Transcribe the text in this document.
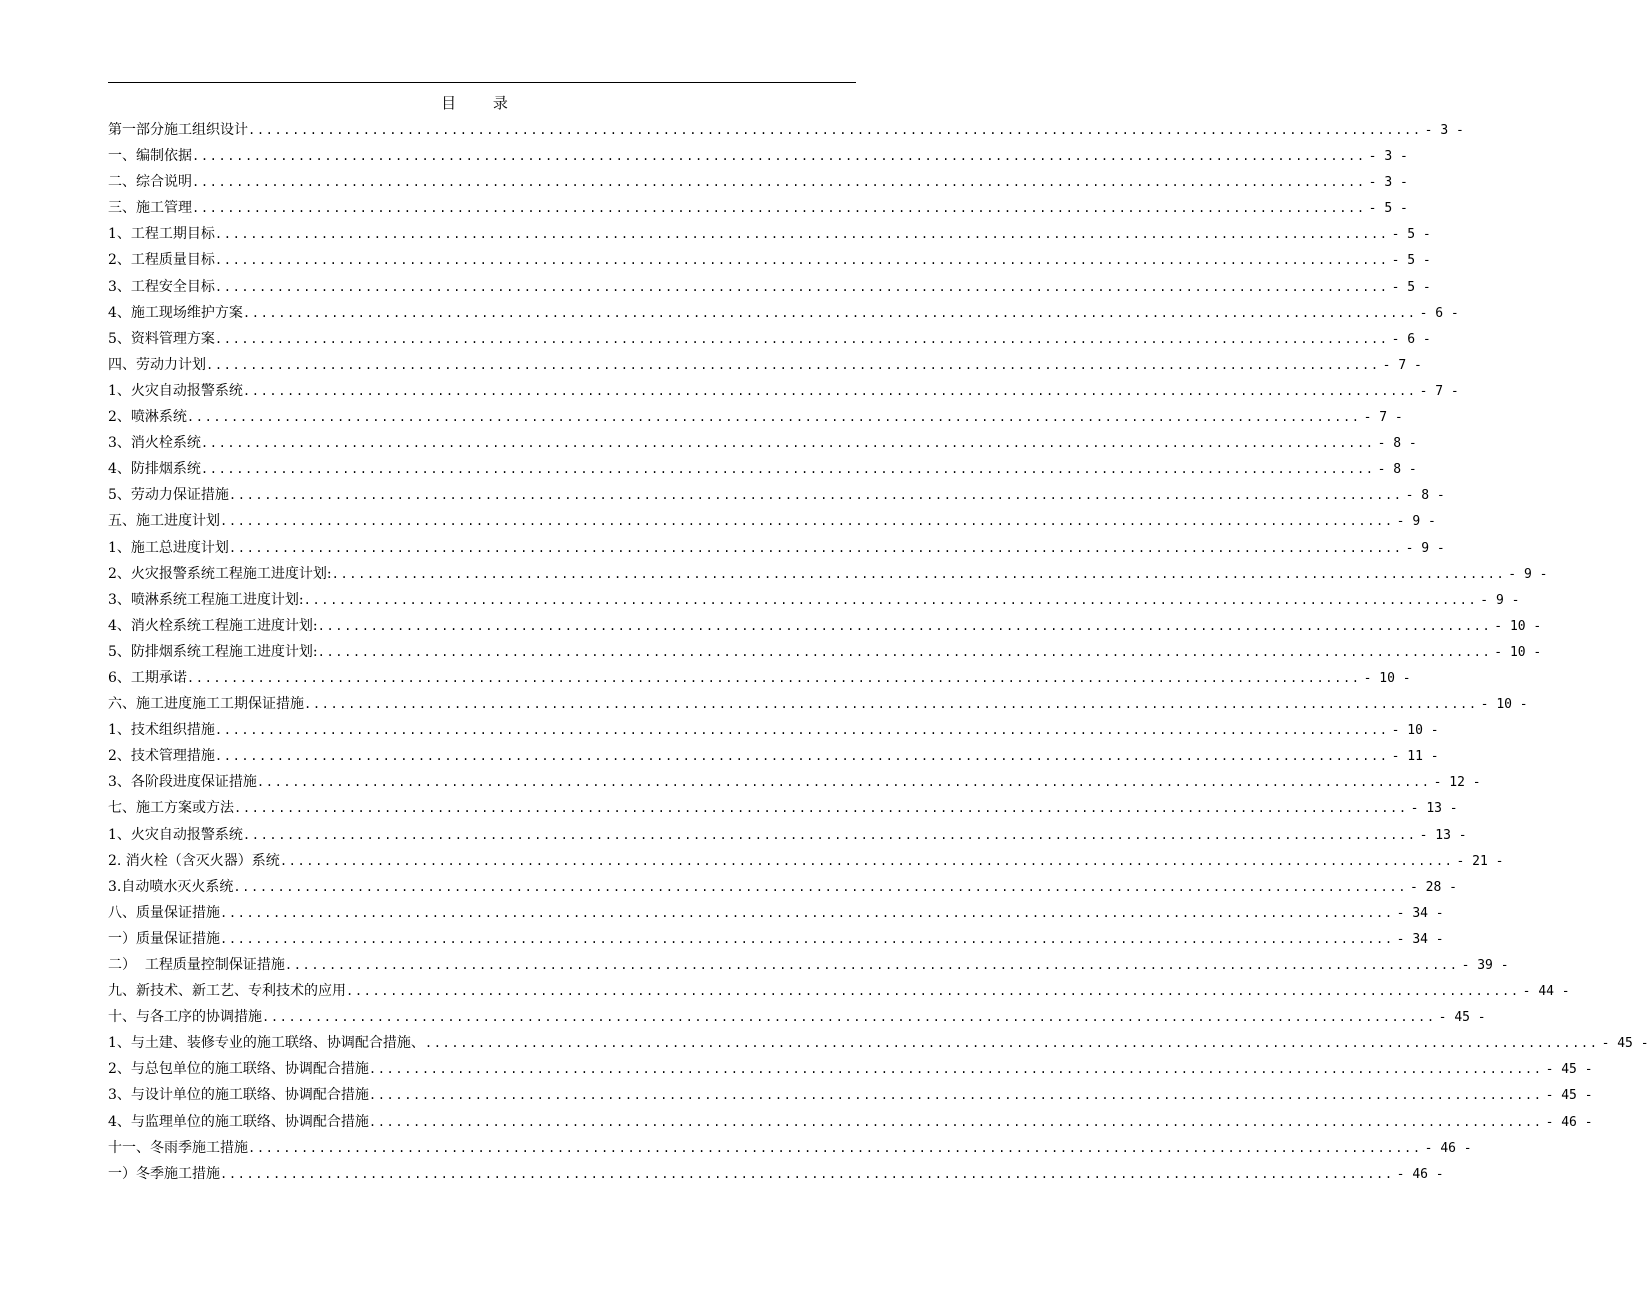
目 录
第一部分施工组织设计 ..................................................................................................................................... - 3 -
一、编制依据 ..................................................................................................................................... - 3 -
二、综合说明 ..................................................................................................................................... - 3 -
三、施工管理 ..................................................................................................................................... - 5 -
1、工程工期目标 ..................................................................................................................................... - 5 -
2、工程质量目标 ..................................................................................................................................... - 5 -
3、工程安全目标 ..................................................................................................................................... - 5 -
4、施工现场维护方案 ..................................................................................................................................... - 6 -
5、资料管理方案 ..................................................................................................................................... - 6 -
四、劳动力计划 ..................................................................................................................................... - 7 -
1、火灾自动报警系统 ..................................................................................................................................... - 7 -
2、喷淋系统 ..................................................................................................................................... - 7 -
3、消火栓系统 ..................................................................................................................................... - 8 -
4、防排烟系统 ..................................................................................................................................... - 8 -
5、劳动力保证措施 ..................................................................................................................................... - 8 -
五、施工进度计划 ..................................................................................................................................... - 9 -
1、施工总进度计划 ..................................................................................................................................... - 9 -
2、火灾报警系统工程施工进度计划: ..................................................................................................................................... - 9 -
3、喷淋系统工程施工进度计划: ..................................................................................................................................... - 9 -
4、消火栓系统工程施工进度计划: ..................................................................................................................................... - 10 -
5、防排烟系统工程施工进度计划: ..................................................................................................................................... - 10 -
6、工期承诺 ..................................................................................................................................... - 10 -
六、施工进度施工工期保证措施 ..................................................................................................................................... - 10 -
1、技术组织措施 ..................................................................................................................................... - 10 -
2、技术管理措施 ..................................................................................................................................... - 11 -
3、各阶段进度保证措施 ..................................................................................................................................... - 12 -
七、施工方案或方法 ..................................................................................................................................... - 13 -
1、火灾自动报警系统 ..................................................................................................................................... - 13 -
2. 消火栓（含灭火器）系统 ..................................................................................................................................... - 21 -
3.自动喷水灭火系统 ..................................................................................................................................... - 28 -
八、质量保证措施 ..................................................................................................................................... - 34 -
一）质量保证措施 ..................................................................................................................................... - 34 -
二）  工程质量控制保证措施 ..................................................................................................................................... - 39 -
九、新技术、新工艺、专利技术的应用 ..................................................................................................................................... - 44 -
十、与各工序的协调措施 ..................................................................................................................................... - 45 -
1、与土建、装修专业的施工联络、协调配合措施、 ..................................................................................................................................... - 45 -
2、与总包单位的施工联络、协调配合措施 ..................................................................................................................................... - 45 -
3、与设计单位的施工联络、协调配合措施 ..................................................................................................................................... - 45 -
4、与监理单位的施工联络、协调配合措施 ..................................................................................................................................... - 46 -
十一、冬雨季施工措施 ..................................................................................................................................... - 46 -
一）冬季施工措施 ..................................................................................................................................... - 46 -
